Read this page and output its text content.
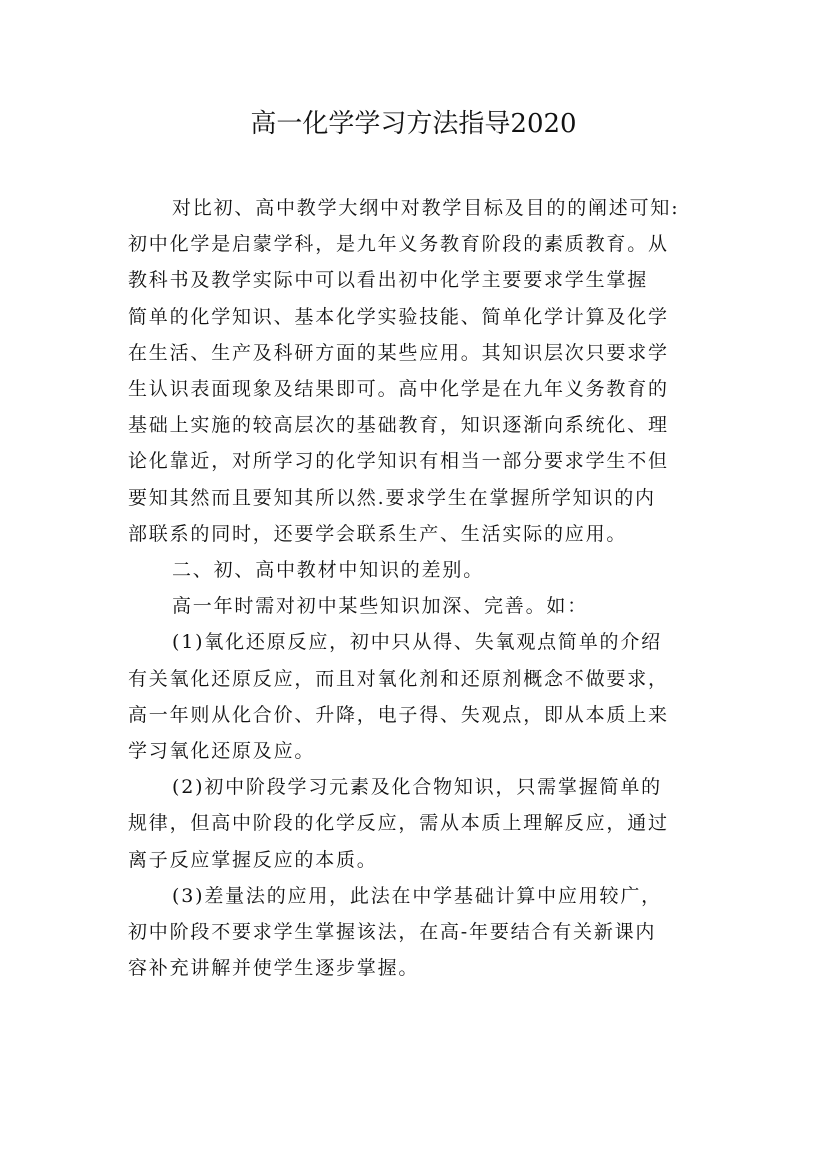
高一化学学习方法指导2020
对比初、高中教学大纲中对教学目标及目的的阐述可知:
初中化学是启蒙学科，是九年义务教育阶段的素质教育。从
教科书及教学实际中可以看出初中化学主要要求学生掌握
简单的化学知识、基本化学实验技能、简单化学计算及化学
在生活、生产及科研方面的某些应用。其知识层次只要求学
生认识表面现象及结果即可。高中化学是在九年义务教育的
基础上实施的较高层次的基础教育，知识逐渐向系统化、理
论化靠近，对所学习的化学知识有相当一部分要求学生不但
要知其然而且要知其所以然.要求学生在掌握所学知识的内
部联系的同时，还要学会联系生产、生活实际的应用。
二、初、高中教材中知识的差别。
高一年时需对初中某些知识加深、完善。如：
(1)氧化还原反应，初中只从得、失氧观点简单的介绍
有关氧化还原反应，而且对氧化剂和还原剂概念不做要求，
高一年则从化合价、升降，电子得、失观点，即从本质上来
学习氧化还原及应。
(2)初中阶段学习元素及化合物知识，只需掌握简单的
规律，但高中阶段的化学反应，需从本质上理解反应，通过
离子反应掌握反应的本质。
(3)差量法的应用，此法在中学基础计算中应用较广，
初中阶段不要求学生掌握该法，在高-年要结合有关新课内
容补充讲解并使学生逐步掌握。
